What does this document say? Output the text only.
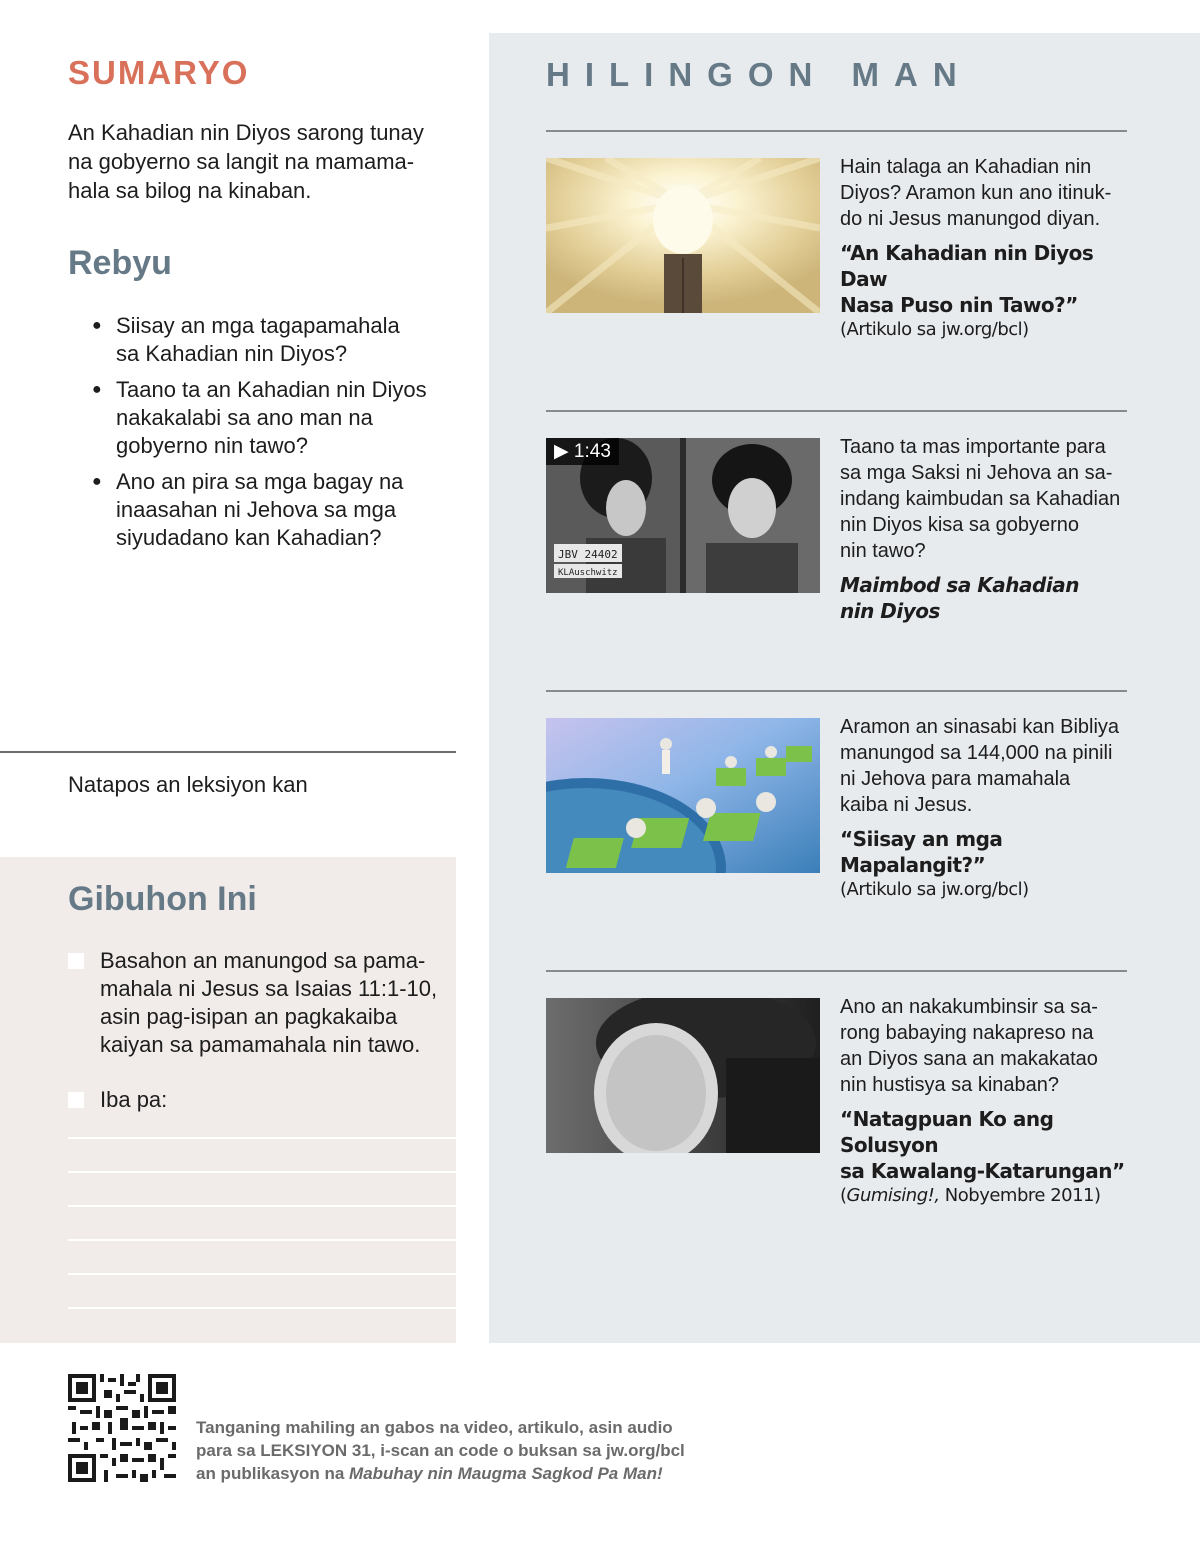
SUMARYO
An Kahadian nin Diyos sarong tunay
na gobyerno sa langit na mamama-
hala sa bilog na kinaban.
Rebyu
● Siisay an mga tagapamahala
sa Kahadian nin Diyos?
● Taano ta an Kahadian nin Diyos
nakakalabi sa ano man na
gobyerno nin tawo?
● Ano an pira sa mga bagay na
inaasahan ni Jehova sa mga
siyudadano kan Kahadian?
Natapos an leksiyon kan
Gibuhon Ini
Basahon an manungod sa pama-
mahala ni Jesus sa Isaias 11:1-10,
asin pag-isipan an pagkakaiba
kaiyan sa pamamahala nin tawo.
Iba pa:
HILINGON MAN
Hain talaga an Kahadian nin
Diyos? Aramon kun ano itinuk-
do ni Jesus manungod diyan.
“An Kahadian nin Diyos Daw
Nasa Puso nin Tawo?”
(Artikulo sa jw.org/bcl)
JBV 24402
KLAuschwitz
▶ 1:43	Taano ta mas importante para
sa mga Saksi ni Jehova an sa-
indang kaimbudan sa Kahadian
nin Diyos kisa sa gobyerno
nin tawo?
Maimbod sa Kahadian
nin Diyos
Aramon an sinasabi kan Bibliya
manungod sa 144,000 na pinili
ni Jehova para mamahala
kaiba ni Jesus.
“Siisay an mga Mapalangit?”
(Artikulo sa jw.org/bcl)
Ano an nakakumbinsir sa sa-
rong babaying nakapreso na
an Diyos sana an makakatao
nin hustisya sa kinaban?
“Natagpuan Ko ang Solusyon
sa Kawalang-Katarungan”
(Gumising!, Nobyembre 2011)
Tanganing mahiling an gabos na video, artikulo, asin audio
para sa LEKSIYON 31, i-scan an code o buksan sa jw.org/bcl
an publikasyon na Mabuhay nin Maugma Sagkod Pa Man!
